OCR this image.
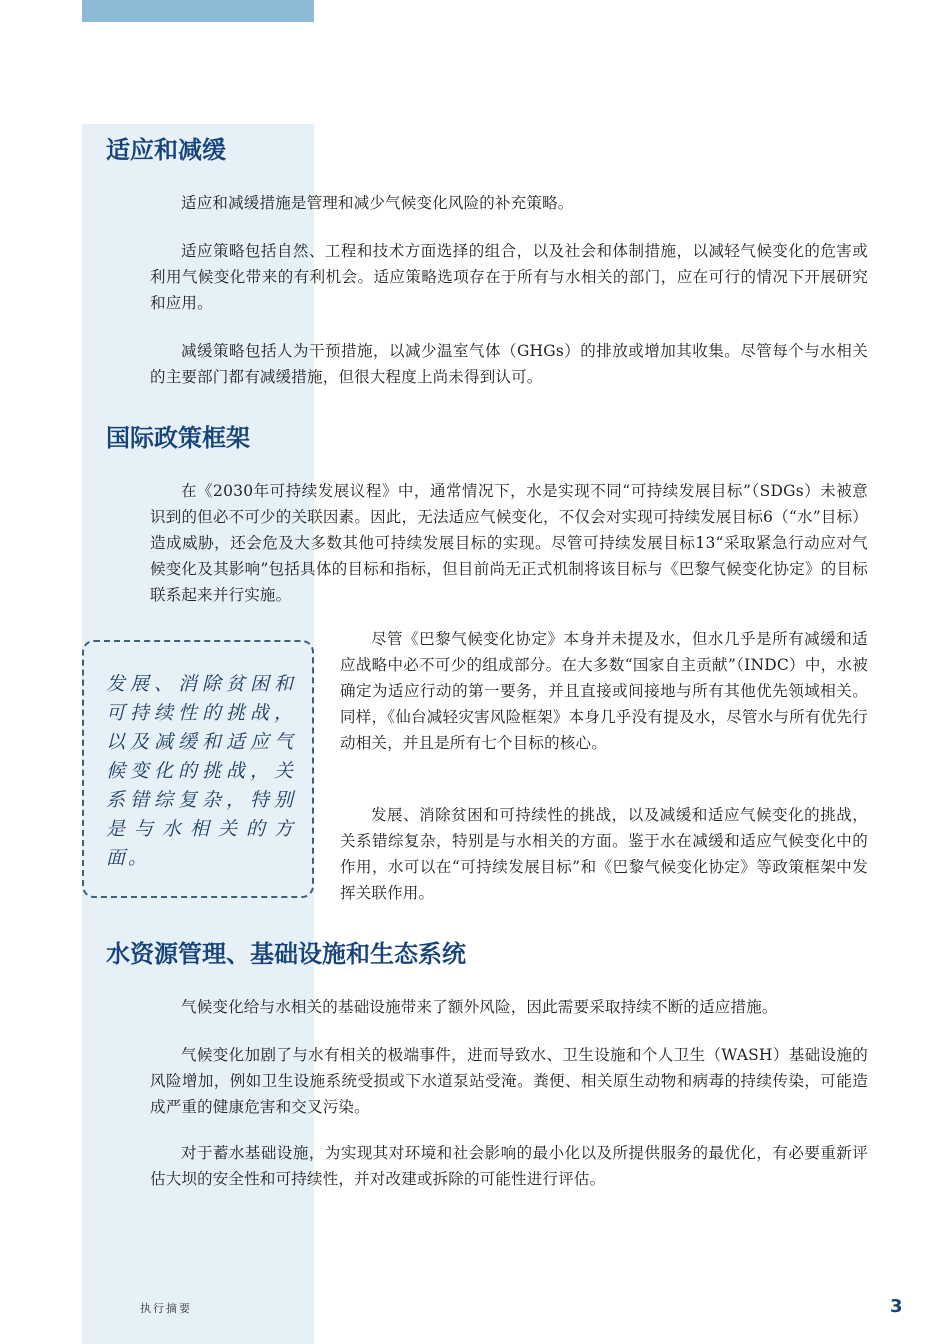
适应和减缓

适应和减缓措施是管理和减少气候变化风险的补充策略。

适应策略包括自然、工程和技术方面选择的组合，以及社会和体制措施，以减轻气候变化的危害或利用气候变化带来的有利机会。适应策略选项存在于所有与水相关的部门，应在可行的情况下开展研究和应用。

减缓策略包括人为干预措施，以减少温室气体（GHGs）的排放或增加其收集。尽管每个与水相关的主要部门都有减缓措施，但很大程度上尚未得到认可。

国际政策框架

在《2030年可持续发展议程》中，通常情况下，水是实现不同“可持续发展目标”（SDGs）未被意识到的但必不可少的关联因素。因此，无法适应气候变化，不仅会对实现可持续发展目标6（“水”目标）造成威胁，还会危及大多数其他可持续发展目标的实现。尽管可持续发展目标13“采取紧急行动应对气候变化及其影响”包括具体的目标和指标，但目前尚无正式机制将该目标与《巴黎气候变化协定》的目标联系起来并行实施。

发展、消除贫困和可持续性的挑战，以及减缓和适应气候变化的挑战，关系错综复杂，特别是与水相关的方面。

尽管《巴黎气候变化协定》本身并未提及水，但水几乎是所有减缓和适应战略中必不可少的组成部分。在大多数“国家自主贡献”（INDC）中，水被确定为适应行动的第一要务，并且直接或间接地与所有其他优先领域相关。同样，《仙台减轻灾害风险框架》本身几乎没有提及水，尽管水与所有优先行动相关，并且是所有七个目标的核心。

发展、消除贫困和可持续性的挑战，以及减缓和适应气候变化的挑战，关系错综复杂，特别是与水相关的方面。鉴于水在减缓和适应气候变化中的作用，水可以在“可持续发展目标”和《巴黎气候变化协定》等政策框架中发挥关联作用。

水资源管理、基础设施和生态系统

气候变化给与水相关的基础设施带来了额外风险，因此需要采取持续不断的适应措施。

气候变化加剧了与水有相关的极端事件，进而导致水、卫生设施和个人卫生（WASH）基础设施的风险增加，例如卫生设施系统受损或下水道泵站受淹。粪便、相关原生动物和病毒的持续传染，可能造成严重的健康危害和交叉污染。

对于蓄水基础设施，为实现其对环境和社会影响的最小化以及所提供服务的最优化，有必要重新评估大坝的安全性和可持续性，并对改建或拆除的可能性进行评估。

执行摘要	3
